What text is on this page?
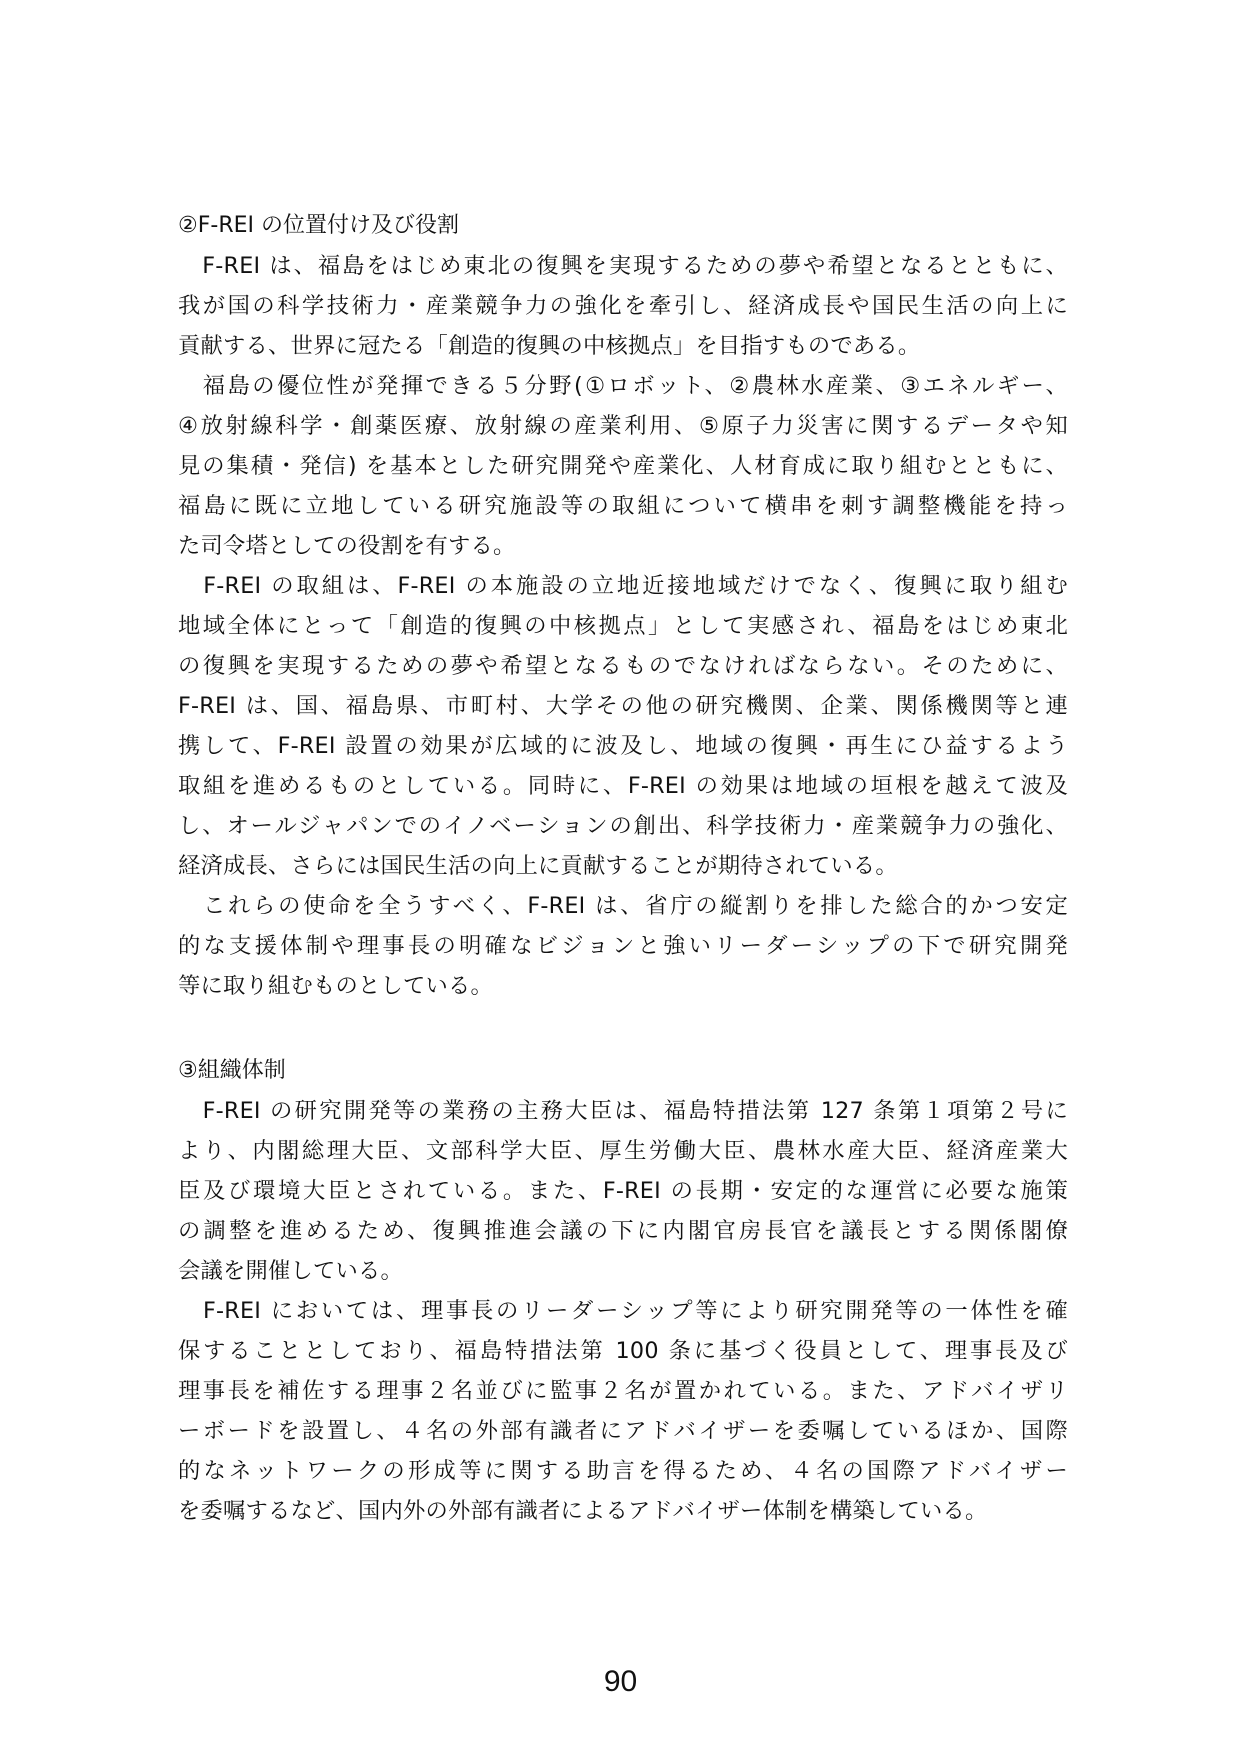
②F-REI の位置付け及び役割
　F-REI は、福島をはじめ東北の復興を実現するための夢や希望となるとともに、
我が国の科学技術力・産業競争力の強化を牽引し、経済成長や国民生活の向上に
貢献する、世界に冠たる「創造的復興の中核拠点」を目指すものである。
　福島の優位性が発揮できる５分野(①ロボット、②農林水産業、③エネルギー、
④放射線科学・創薬医療、放射線の産業利用、⑤原子力災害に関するデータや知
見の集積・発信) を基本とした研究開発や産業化、人材育成に取り組むとともに、
福島に既に立地している研究施設等の取組について横串を刺す調整機能を持っ
た司令塔としての役割を有する。
　F-REI の取組は、F-REI の本施設の立地近接地域だけでなく、復興に取り組む
地域全体にとって「創造的復興の中核拠点」として実感され、福島をはじめ東北
の復興を実現するための夢や希望となるものでなければならない。そのために、
F-REI は、国、福島県、市町村、大学その他の研究機関、企業、関係機関等と連
携して、F-REI 設置の効果が広域的に波及し、地域の復興・再生にひ益するよう
取組を進めるものとしている。同時に、F-REI の効果は地域の垣根を越えて波及
し、オールジャパンでのイノベーションの創出、科学技術力・産業競争力の強化、
経済成長、さらには国民生活の向上に貢献することが期待されている。
　これらの使命を全うすべく、F-REI は、省庁の縦割りを排した総合的かつ安定
的な支援体制や理事長の明確なビジョンと強いリーダーシップの下で研究開発
等に取り組むものとしている。
③組織体制
　F-REI の研究開発等の業務の主務大臣は、福島特措法第 127 条第１項第２号に
より、内閣総理大臣、文部科学大臣、厚生労働大臣、農林水産大臣、経済産業大
臣及び環境大臣とされている。また、F-REI の長期・安定的な運営に必要な施策
の調整を進めるため、復興推進会議の下に内閣官房長官を議長とする関係閣僚
会議を開催している。
　F-REI においては、理事長のリーダーシップ等により研究開発等の一体性を確
保することとしており、福島特措法第 100 条に基づく役員として、理事長及び
理事長を補佐する理事２名並びに監事２名が置かれている。また、アドバイザリ
ーボードを設置し、４名の外部有識者にアドバイザーを委嘱しているほか、国際
的なネットワークの形成等に関する助言を得るため、４名の国際アドバイザー
を委嘱するなど、国内外の外部有識者によるアドバイザー体制を構築している。
90
